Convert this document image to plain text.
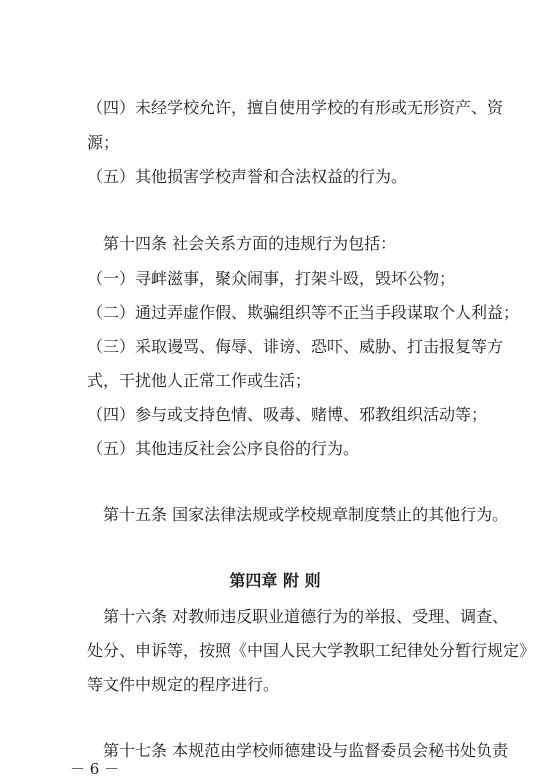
（四）未经学校允许，擅自使用学校的有形或无形资产、资
源；
（五）其他损害学校声誉和合法权益的行为。
第十四条 社会关系方面的违规行为包括：
（一）寻衅滋事，聚众闹事，打架斗殴，毁坏公物；
（二）通过弄虚作假、欺骗组织等不正当手段谋取个人利益；
（三）采取谩骂、侮辱、诽谤、恐吓、威胁、打击报复等方
式，干扰他人正常工作或生活；
（四）参与或支持色情、吸毒、赌博、邪教组织活动等；
（五）其他违反社会公序良俗的行为。
第十五条 国家法律法规或学校规章制度禁止的其他行为。
第四章 附 则
第十六条 对教师违反职业道德行为的举报、受理、调查、
处分、申诉等，按照《中国人民大学教职工纪律处分暂行规定》
等文件中规定的程序进行。
第十七条 本规范由学校师德建设与监督委员会秘书处负责
－ 6 －
